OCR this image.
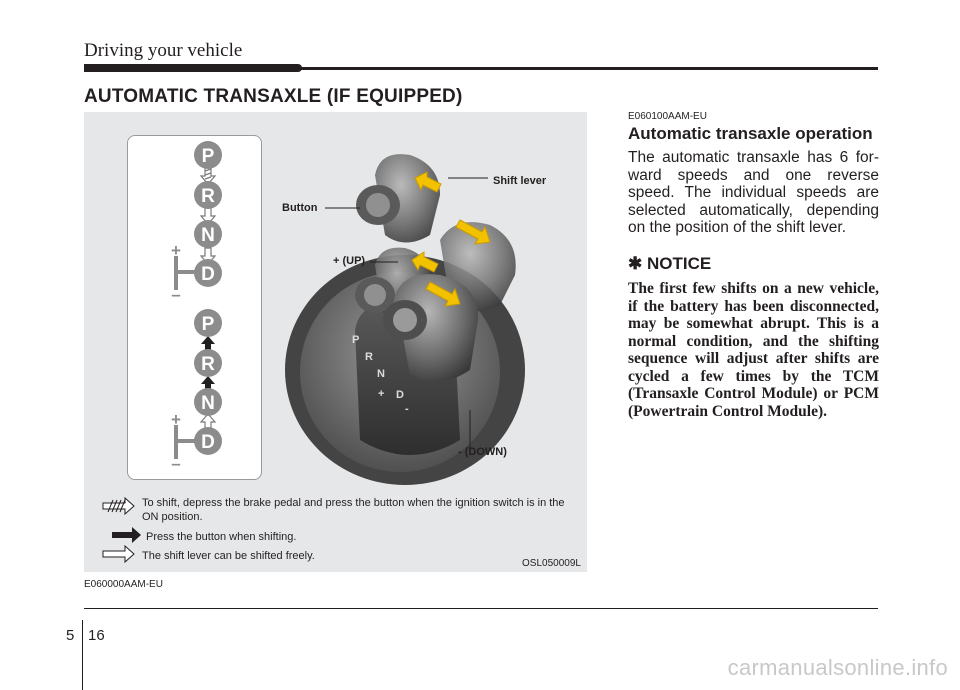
Driving your vehicle
AUTOMATIC TRANSAXLE (IF EQUIPPED)
P
R
N
D
P
R
N
D
+
–
+
–
P
R
N
+ D
-
Shift lever
Button
+ (UP)
- (DOWN)
To shift, depress the brake pedal and press the button when the ignition switch is in the ON position.
Press the button when shifting.
The shift lever can be shifted freely.
OSL050009L
E060000AAM-EU
E060100AAM-EU
Automatic transaxle operation
The automatic transaxle has 6 for-ward speeds and one reverse speed. The individual speeds are selected automatically, depending on the position of the shift lever.
✱ NOTICE
The first few shifts on a new vehicle, if the battery has been disconnected, may be somewhat abrupt. This is a normal condition, and the shifting sequence will adjust after shifts are cycled a few times by the TCM (Transaxle Control Module) or PCM (Powertrain Control Module).
5 16
carmanualsonline.info
